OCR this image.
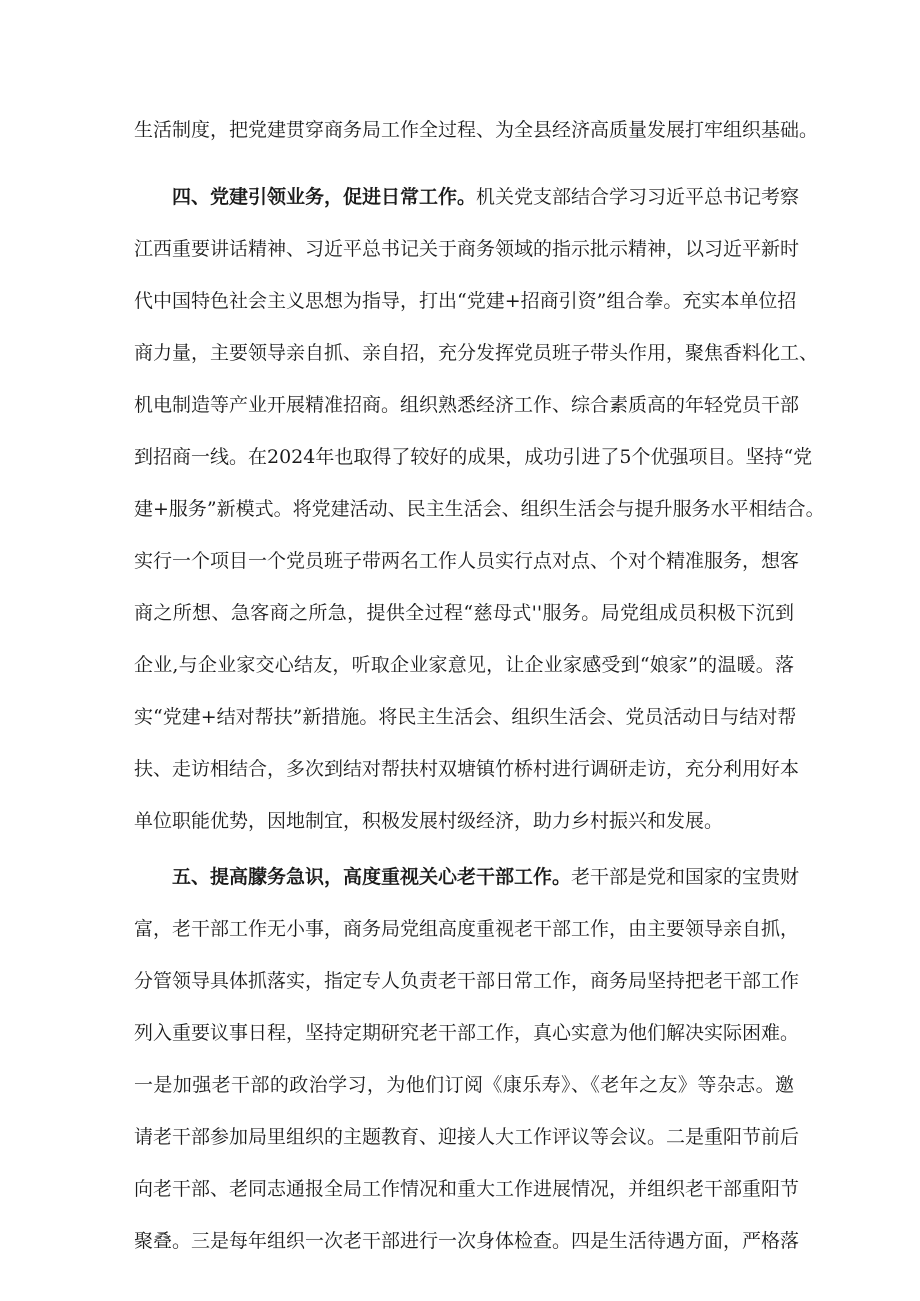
生活制度，把党建贯穿商务局工作全过程、为全县经济高质量发展打牢组织基础。
四、党建引领业务，促进日常工作。机关党支部结合学习习近平总书记考察
江西重要讲话精神、习近平总书记关于商务领域的指示批示精神，以习近平新时
代中国特色社会主义思想为指导，打出“党建+招商引资”组合拳。充实本单位招
商力量，主要领导亲自抓、亲自招，充分发挥党员班子带头作用，聚焦香料化工、
机电制造等产业开展精准招商。组织熟悉经济工作、综合素质高的年轻党员干部
到招商一线。在2024年也取得了较好的成果，成功引进了5个优强项目。坚持“党
建+服务”新模式。将党建活动、民主生活会、组织生活会与提升服务水平相结合。
实行一个项目一个党员班子带两名工作人员实行点对点、个对个精准服务，想客
商之所想、急客商之所急，提供全过程“慈母式''服务。局党组成员积极下沉到
企业,与企业家交心结友，听取企业家意见，让企业家感受到“娘家”的温暖。落
实“党建+结对帮扶”新措施。将民主生活会、组织生活会、党员活动日与结对帮
扶、走访相结合，多次到结对帮扶村双塘镇竹桥村进行调研走访，充分利用好本
单位职能优势，因地制宜，积极发展村级经济，助力乡村振兴和发展。
五、提高朦务急识，高度重视关心老干部工作。老干部是党和国家的宝贵财
富，老干部工作无小事，商务局党组高度重视老干部工作，由主要领导亲自抓，
分管领导具体抓落实，指定专人负责老干部日常工作，商务局坚持把老干部工作
列入重要议事日程，坚持定期研究老干部工作，真心实意为他们解决实际困难。
一是加强老干部的政治学习，为他们订阅《康乐寿》、《老年之友》等杂志。邀
请老干部参加局里组织的主题教育、迎接人大工作评议等会议。二是重阳节前后
向老干部、老同志通报全局工作情况和重大工作进展情况，并组织老干部重阳节
聚叠。三是每年组织一次老干部进行一次身体检查。四是生活待遇方面，严格落
